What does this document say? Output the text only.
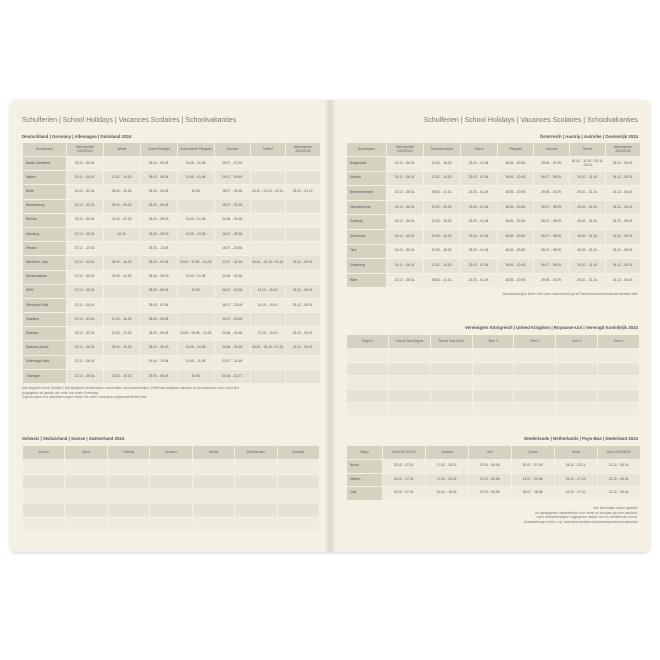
Schulferien | School Holidays | Vacances Scolaires | Schoolvakanties
Deutschland | Germany | Allemagne | Duitsland 2024
Bundesland	Weihnachten 2023/2024	Winter	Ostern/Frühjahr	Himmelfahrt/ Pfingsten	Sommer	Herbst	Weihnachten 2024/2025
Baden-Württemb.	23.12. - 05.01.	-	25.03. - 05.04.	21.05. - 31.05.	25.07. - 07.09.		
Bayern	23.12. - 05.01.	12.02. - 16.02.	25.03. - 06.04.	21.05. - 01.06.	29.07. - 09.09.		
Berlin	22.12. - 02.01.	05.02. - 10.02.	25.03. - 05.04.	10.05.	18.07. - 30.08.	04.10. / 21.10. - 02.11.	23.12. - 31.12.
Brandenburg	22.12. - 02.01.	05.02. - 09.02.	25.03. - 05.04.	-	18.07. - 31.08.		
Bremen	23.12. - 05.01.	01.02. - 02.02.	18.03. - 28.03.	10.05. / 21.05.	24.06. - 02.08.		
Hamburg	22.12. - 05.01.	02.02.	18.03. - 28.03.	10.05. - 24.05.	18.07. - 28.08.		
Hessen	27.12. - 13.01.	-	25.03. - 13.04.		15.07. - 23.08.		
Mecklenb.-Vorp.	21.12. - 03.01.	05.02. - 16.02.	25.03. - 03.04.	10.05. / 17.05. - 21.05.	22.07. - 31.08.	04.10. - 21.10. / 02.11.	23.12. - 03.01.
Niedersachsen	27.12. - 05.01.	01.02. - 02.02.	18.03. - 28.03.	10.05. / 21.05.	24.06. - 02.08.		
NRW	21.12. - 05.01.	-	25.03. - 06.04.	21.05.	08.07. - 20.08.	14.10. - 26.10.	23.12. - 06.01.
Rheinland-Pfalz	27.12. - 05.01.	-	25.03. - 02.04.		15.07. - 23.08.	14.10. - 25.10.	23.12. - 08.01.
Saarland	21.12. - 03.01.	12.02. - 16.02.	25.03. - 05.04.		15.07. - 23.08.		
Sachsen	23.12. - 02.01.	12.02. - 23.02.	28.03. - 05.04.	10.05. / 18.05. - 21.05.	20.06. - 02.08.	07.10. - 19.10.	23.12. - 03.01.
Sachsen-Anhalt	23.12. - 05.01.	05.02. - 10.02.	25.03. - 30.03.	21.05. - 24.05.	24.06. - 02.08.	04.10. - 25.10. / 01.11.	21.12. - 06.01.
Schleswig-Holst.	27.12. - 06.01.	-	01.04. - 19.04.	10.05. - 11.05.	22.07. - 31.08.		
Thüringen	22.12. - 05.01.	12.02. - 16.02.	25.03. - 05.04.	10.05.	20.06. - 31.07.		
Alle Angaben ohne Gewähr | Nachträgliche Änderungen vorbehalten und unverbindlich | Fehlende Angaben standen zu Druckschluss noch nicht fest
Angegeben ist jeweils der erste und letzte Ferientag
Ergänzungen und Aktualisierungen finden Sie unter: www.kmk.org/service/ferien.html
Schweiz | Switzerland | Suisse | Zwitserland 2024
Kanton	Sport	Frühling	Sommer	Herbst	Weihnachten	Sonstige

Schulferien | School Holidays | Vacances Scolaires | Schoolvakanties
Österreich | Austria | Autriche | Oostenrijk 2024
Bundesland	Weihnachten 2023/2024	Semester-ferien	Ostern	Pfingsten	Sommer	Herbst	Weihnachten 2024/2025
Burgenland	24.12. - 06.01.	12.02. - 18.02.	23.03. - 01.04.	18.05. - 20.05.	29.06. - 01.09.	26.10. - 31.10. / 02.11. - 03.11.	24.12. - 06.01.
Kärnten	24.12. - 06.01.	12.02. - 18.02.	23.03. - 01.04.	18.05. - 20.05.	06.07. - 08.09.	26.10. - 31.10.	24.12. - 06.01.
Niederösterreich	24.12. - 06.01.	05.02. - 11.02.	23.03. - 01.04.	18.05. - 20.05.	29.06. - 01.09.	26.10. - 31.10.	24.12. - 06.01.
Oberösterreich	24.12. - 06.01.	19.02. - 25.02.	23.03. - 01.04.	18.05. - 20.05.	06.07. - 08.09.	26.10. - 31.10.	24.12. - 06.01.
Salzburg	24.12. - 06.01.	12.02. - 18.02.	23.03. - 01.04.	18.05. - 20.05.	06.07. - 08.09.	26.10. - 31.10.	24.12. - 06.01.
Steiermark	24.12. - 06.01.	19.02. - 25.02.	23.03. - 01.04.	18.05. - 20.05.	06.07. - 08.09.	26.10. - 31.10.	24.12. - 06.01.
Tirol	24.12. - 06.01.	12.02. - 18.02.	23.03. - 01.04.	18.05. - 20.05.	06.07. - 08.09.	26.10. - 31.10.	24.12. - 06.01.
Vorarlberg	24.12. - 06.01.	12.02. - 18.02.	23.03. - 01.04.	18.05. - 20.05.	06.07. - 08.09.	26.10. - 31.10.	24.12. - 06.01.
Wien	24.12. - 06.01.	05.02. - 11.02.	23.03. - 01.04.	18.05. - 20.05.	29.06. - 01.09.	26.10. - 31.10.	24.12. - 06.01.
Aktualisierungen finden Sie unter: www.bmbwf.gv.at/Themen/schule/schulpraxis/termine.html
Vereinigtes Königreich | United Kingdom | Royaume-Uni | Verenigd Koninkrijk 2024
Region	School Year Begins	School Year Ends	Term 1	Term 2	Term 3	Term 4

Niederlande | Netherlands | Pays-Bas | Nederland 2024
Regio	Kerst 2023/2024	Voorjaar	Mei	Zomer	Herfst	Kerst 2024/2025
Noord	23.12. - 07.01.	17.02. - 25.02.	27.04. - 05.05.	20.07. - 01.09.	26.10. - 03.11.	21.12. - 05.01.
Midden	23.12. - 07.01.	17.02. - 25.02.	27.04. - 05.05.	13.07. - 25.08.	19.10. - 27.10.	21.12. - 05.01.
Zuid	23.12. - 07.01.	10.02. - 18.02.	27.04. - 05.05.	06.07. - 18.08.	19.10. - 27.10.	21.12. - 05.01.
Alle informatie zonder garantie
De aangegeven vakantiedata voor herfst en voorjaar zijn een verplicht,
vrij te adviserend/geen vrijgegeven datum voor de betreffende school.
Actualiseringen vindt u op: www.rijksoverheid.nl/onderwerpen/schoolvakanties
